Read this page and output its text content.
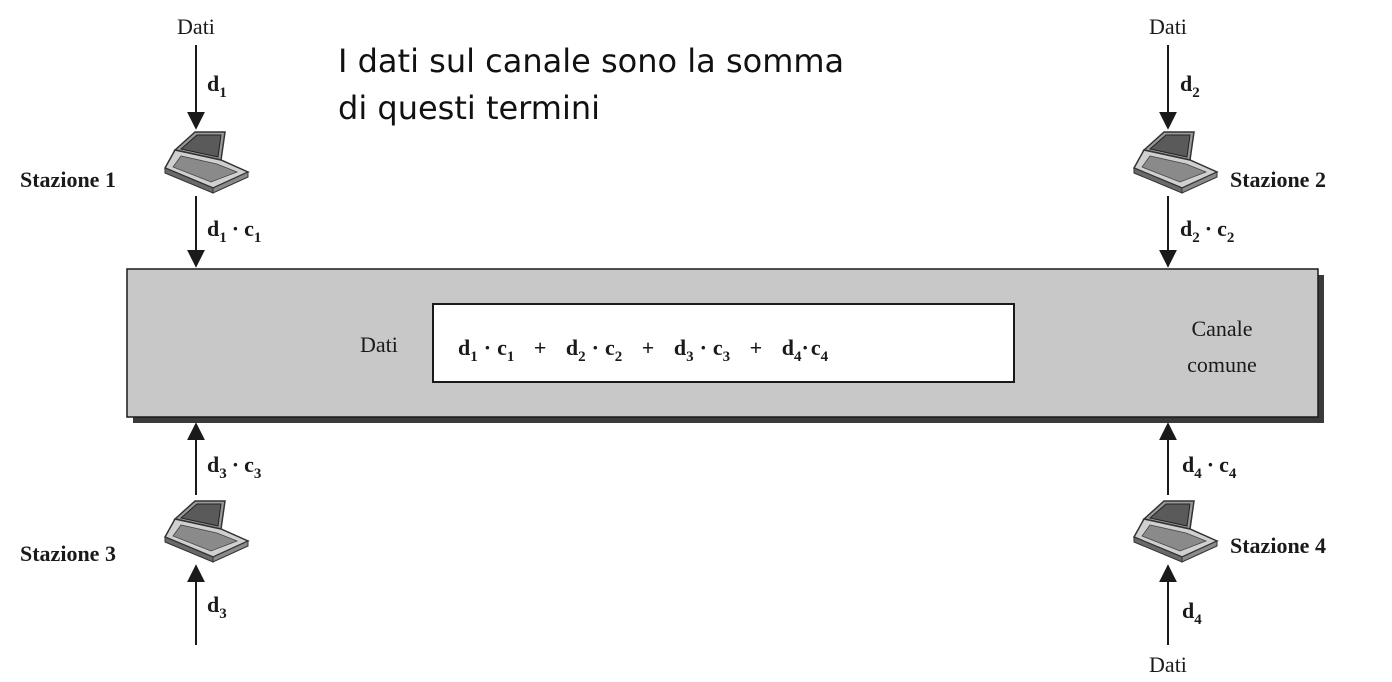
Dati	$d_1 \cdot c_1 + d_2 \cdot c_2 + d_3 \cdot c_3 + d_4\cdot c_4$
Canale
comune
Dati
$d_1$
Stazione 1
$d_1 \cdot c_1$
Dati
$d_2$
Stazione 2
$d_2 \cdot c_2$
$d_3 \cdot c_3$
Stazione 3
$d_3$
$d_4 \cdot c_4$
Stazione 4
$d_4$
Dati
I dati sul canale sono la somma
di questi termini
